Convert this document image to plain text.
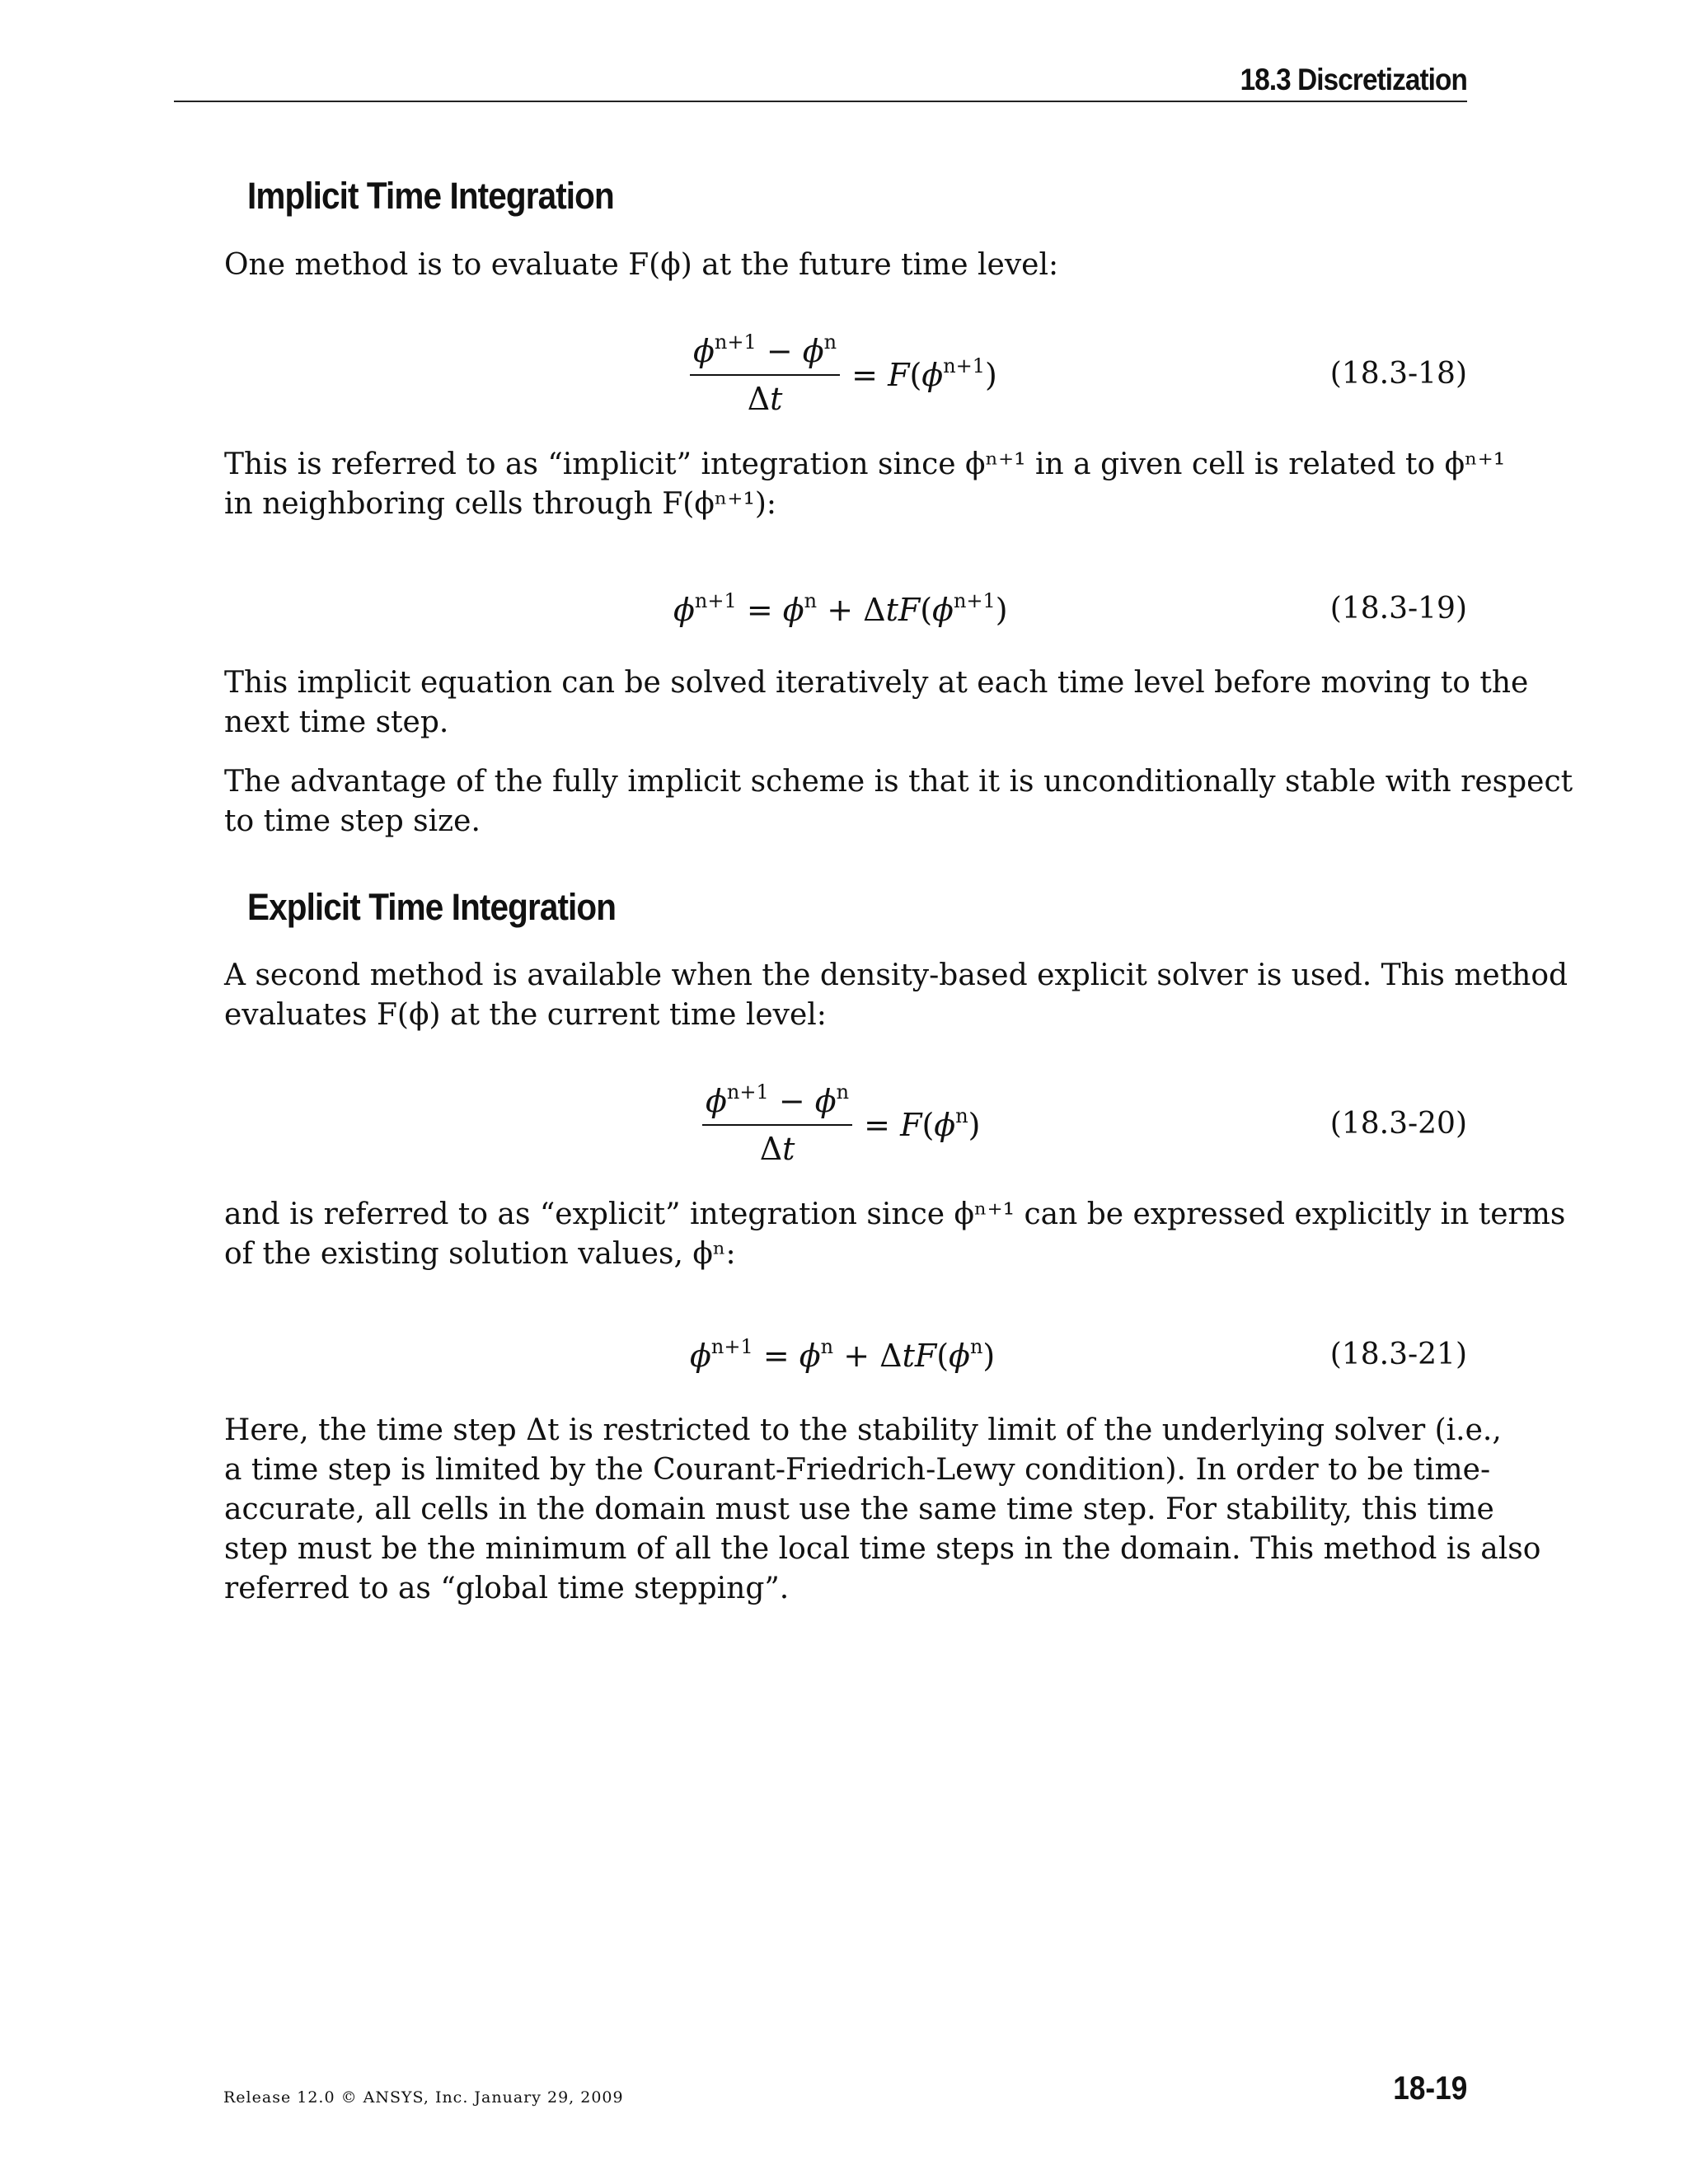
18.3 Discretization
Implicit Time Integration

One method is to evaluate F(ϕ) at the future time level:

$\frac{\phi^{n+1} - \phi^n}{\Delta t} = F(\phi^{n+1})$	(18.3-18)

This is referred to as “implicit” integration since ϕⁿ⁺¹ in a given cell is related to ϕⁿ⁺¹
in neighboring cells through F(ϕⁿ⁺¹):

$\phi^{n+1} = \phi^n + \Delta tF(\phi^{n+1})$	(18.3-19)

This implicit equation can be solved iteratively at each time level before moving to the
next time step.

The advantage of the fully implicit scheme is that it is unconditionally stable with respect
to time step size.

Explicit Time Integration

A second method is available when the density-based explicit solver is used. This method
evaluates F(ϕ) at the current time level:

$\frac{\phi^{n+1} - \phi^n}{\Delta t} = F(\phi^n)$	(18.3-20)

and is referred to as “explicit” integration since ϕⁿ⁺¹ can be expressed explicitly in terms
of the existing solution values, ϕⁿ:

$\phi^{n+1} = \phi^n + \Delta tF(\phi^n)$	(18.3-21)

Here, the time step Δt is restricted to the stability limit of the underlying solver (i.e.,
a time step is limited by the Courant-Friedrich-Lewy condition). In order to be time-
accurate, all cells in the domain must use the same time step. For stability, this time
step must be the minimum of all the local time steps in the domain. This method is also
referred to as “global time stepping”.

Release 12.0 © ANSYS, Inc. January 29, 2009	18-19
